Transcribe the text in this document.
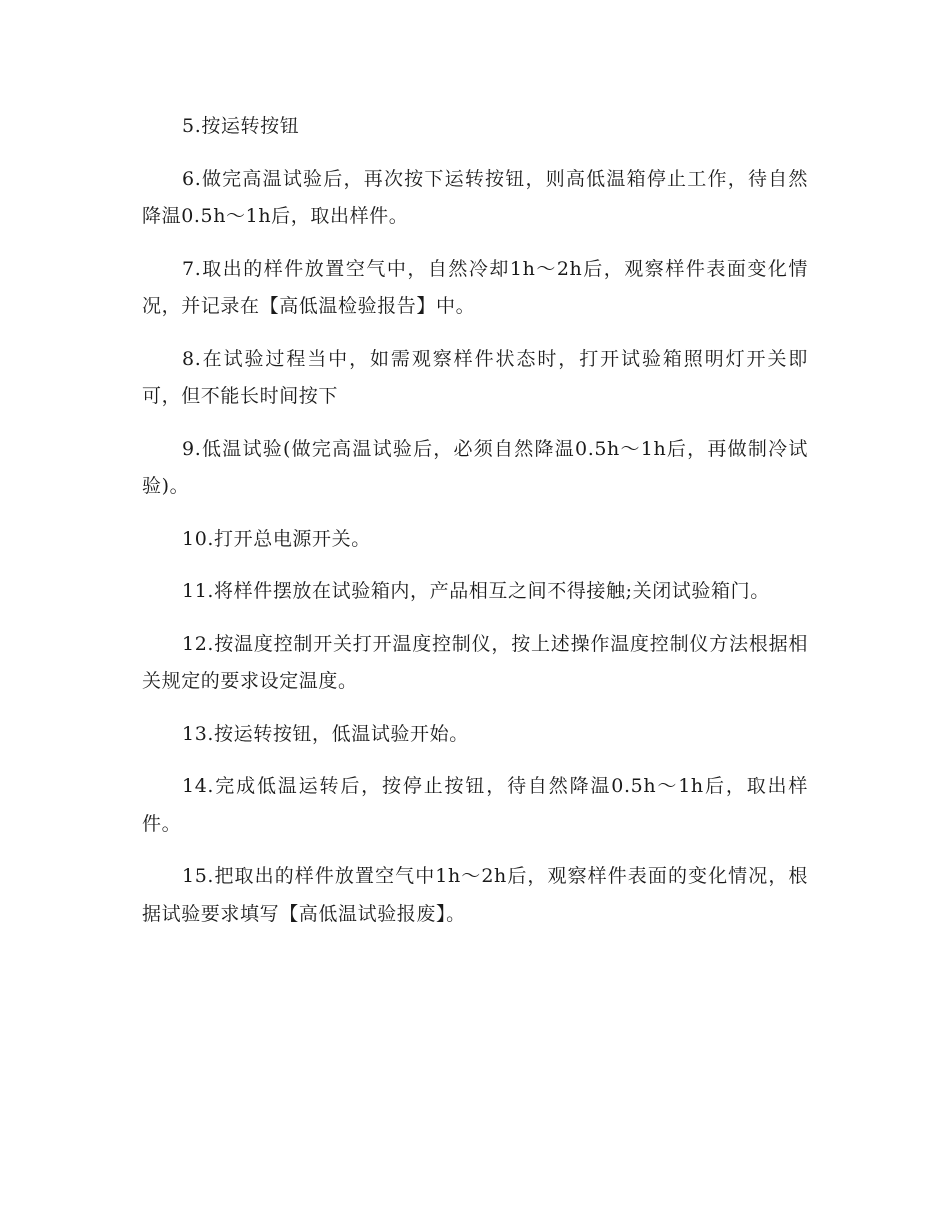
5.按运转按钮

6.做完高温试验后，再次按下运转按钮，则高低温箱停止工作，待自然降温0.5h～1h后，取出样件。

7.取出的样件放置空气中，自然冷却1h～2h后，观察样件表面变化情况，并记录在【高低温检验报告】中。

8.在试验过程当中，如需观察样件状态时，打开试验箱照明灯开关即可，但不能长时间按下

9.低温试验(做完高温试验后，必须自然降温0.5h～1h后，再做制冷试验)。

10.打开总电源开关。

11.将样件摆放在试验箱内，产品相互之间不得接触;关闭试验箱门。

12.按温度控制开关打开温度控制仪，按上述操作温度控制仪方法根据相关规定的要求设定温度。

13.按运转按钮，低温试验开始。

14.完成低温运转后，按停止按钮，待自然降温0.5h～1h后，取出样件。

15.把取出的样件放置空气中1h～2h后，观察样件表面的变化情况，根据试验要求填写【高低温试验报废】。
